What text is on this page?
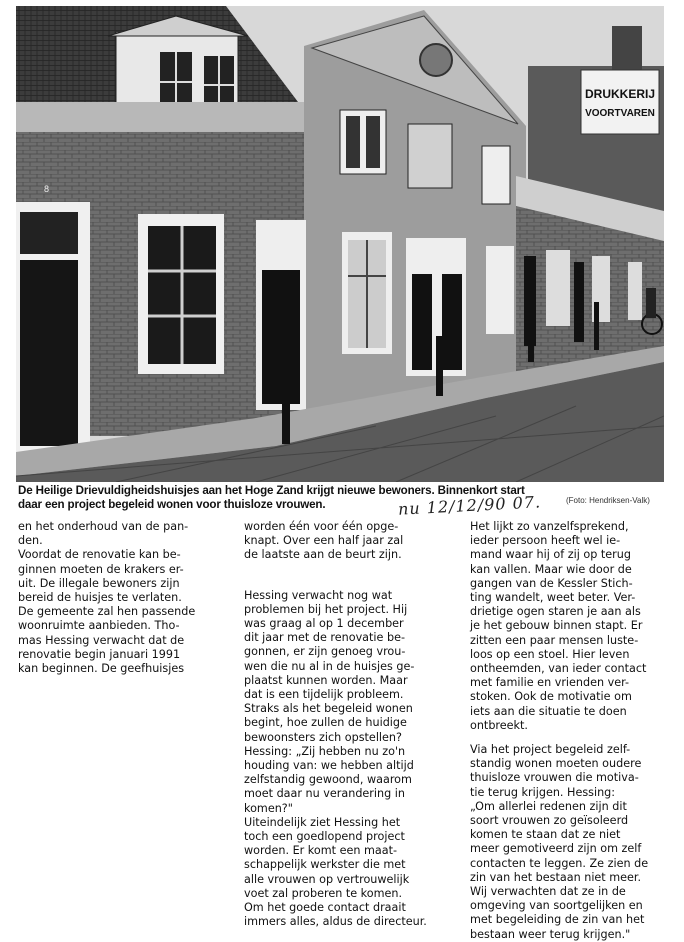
DRUKKERIJ
VOORTVAREN
8
De Heilige Drievuldigheidshuisjes aan het Hoge Zand krijgt nieuwe bewoners. Binnenkort start
daar een project begeleid wonen voor thuisloze vrouwen.	nu 12/12/90 07.	(Foto: Hendriksen-Valk)

en het onderhoud van de pan-
den.

Voordat de renovatie kan be-
ginnen moeten de krakers er-
uit. De illegale bewoners zijn
bereid de huisjes te verlaten.
De gemeente zal hen passende
woonruimte aanbieden. Tho-
mas Hessing verwacht dat de
renovatie begin januari 1991
kan beginnen. De geefhuisjes

worden één voor één opge-
knapt. Over een half jaar zal
de laatste aan de beurt zijn.

Hessing verwacht nog wat
problemen bij het project. Hij
was graag al op 1 december
dit jaar met de renovatie be-
gonnen, er zijn genoeg vrou-
wen die nu al in de huisjes ge-
plaatst kunnen worden. Maar
dat is een tijdelijk probleem.
Straks als het begeleid wonen
begint, hoe zullen de huidige
bewoonsters zich opstellen?
Hessing: „Zij hebben nu zo'n
houding van: we hebben altijd
zelfstandig gewoond, waarom
moet daar nu verandering in
komen?"

Uiteindelijk ziet Hessing het
toch een goedlopend project
worden. Er komt een maat-
schappelijk werkster die met
alle vrouwen op vertrouwelijk
voet zal proberen te komen.
Om het goede contact draait
immers alles, aldus de directeur.

Het lijkt zo vanzelfsprekend,
ieder persoon heeft wel ie-
mand waar hij of zij op terug
kan vallen. Maar wie door de
gangen van de Kessler Stich-
ting wandelt, weet beter. Ver-
drietige ogen staren je aan als
je het gebouw binnen stapt. Er
zitten een paar mensen luste-
loos op een stoel. Hier leven
ontheemden, van ieder contact
met familie en vrienden ver-
stoken. Ook de motivatie om
iets aan die situatie te doen
ontbreekt.

Via het project begeleid zelf-
standig wonen moeten oudere
thuisloze vrouwen die motiva-
tie terug krijgen. Hessing:
„Om allerlei redenen zijn dit
soort vrouwen zo geïsoleerd
komen te staan dat ze niet
meer gemotiveerd zijn om zelf
contacten te leggen. Ze zien de
zin van het bestaan niet meer.
Wij verwachten dat ze in de
omgeving van soortgelijken en
met begeleiding de zin van het
bestaan weer terug krijgen."
